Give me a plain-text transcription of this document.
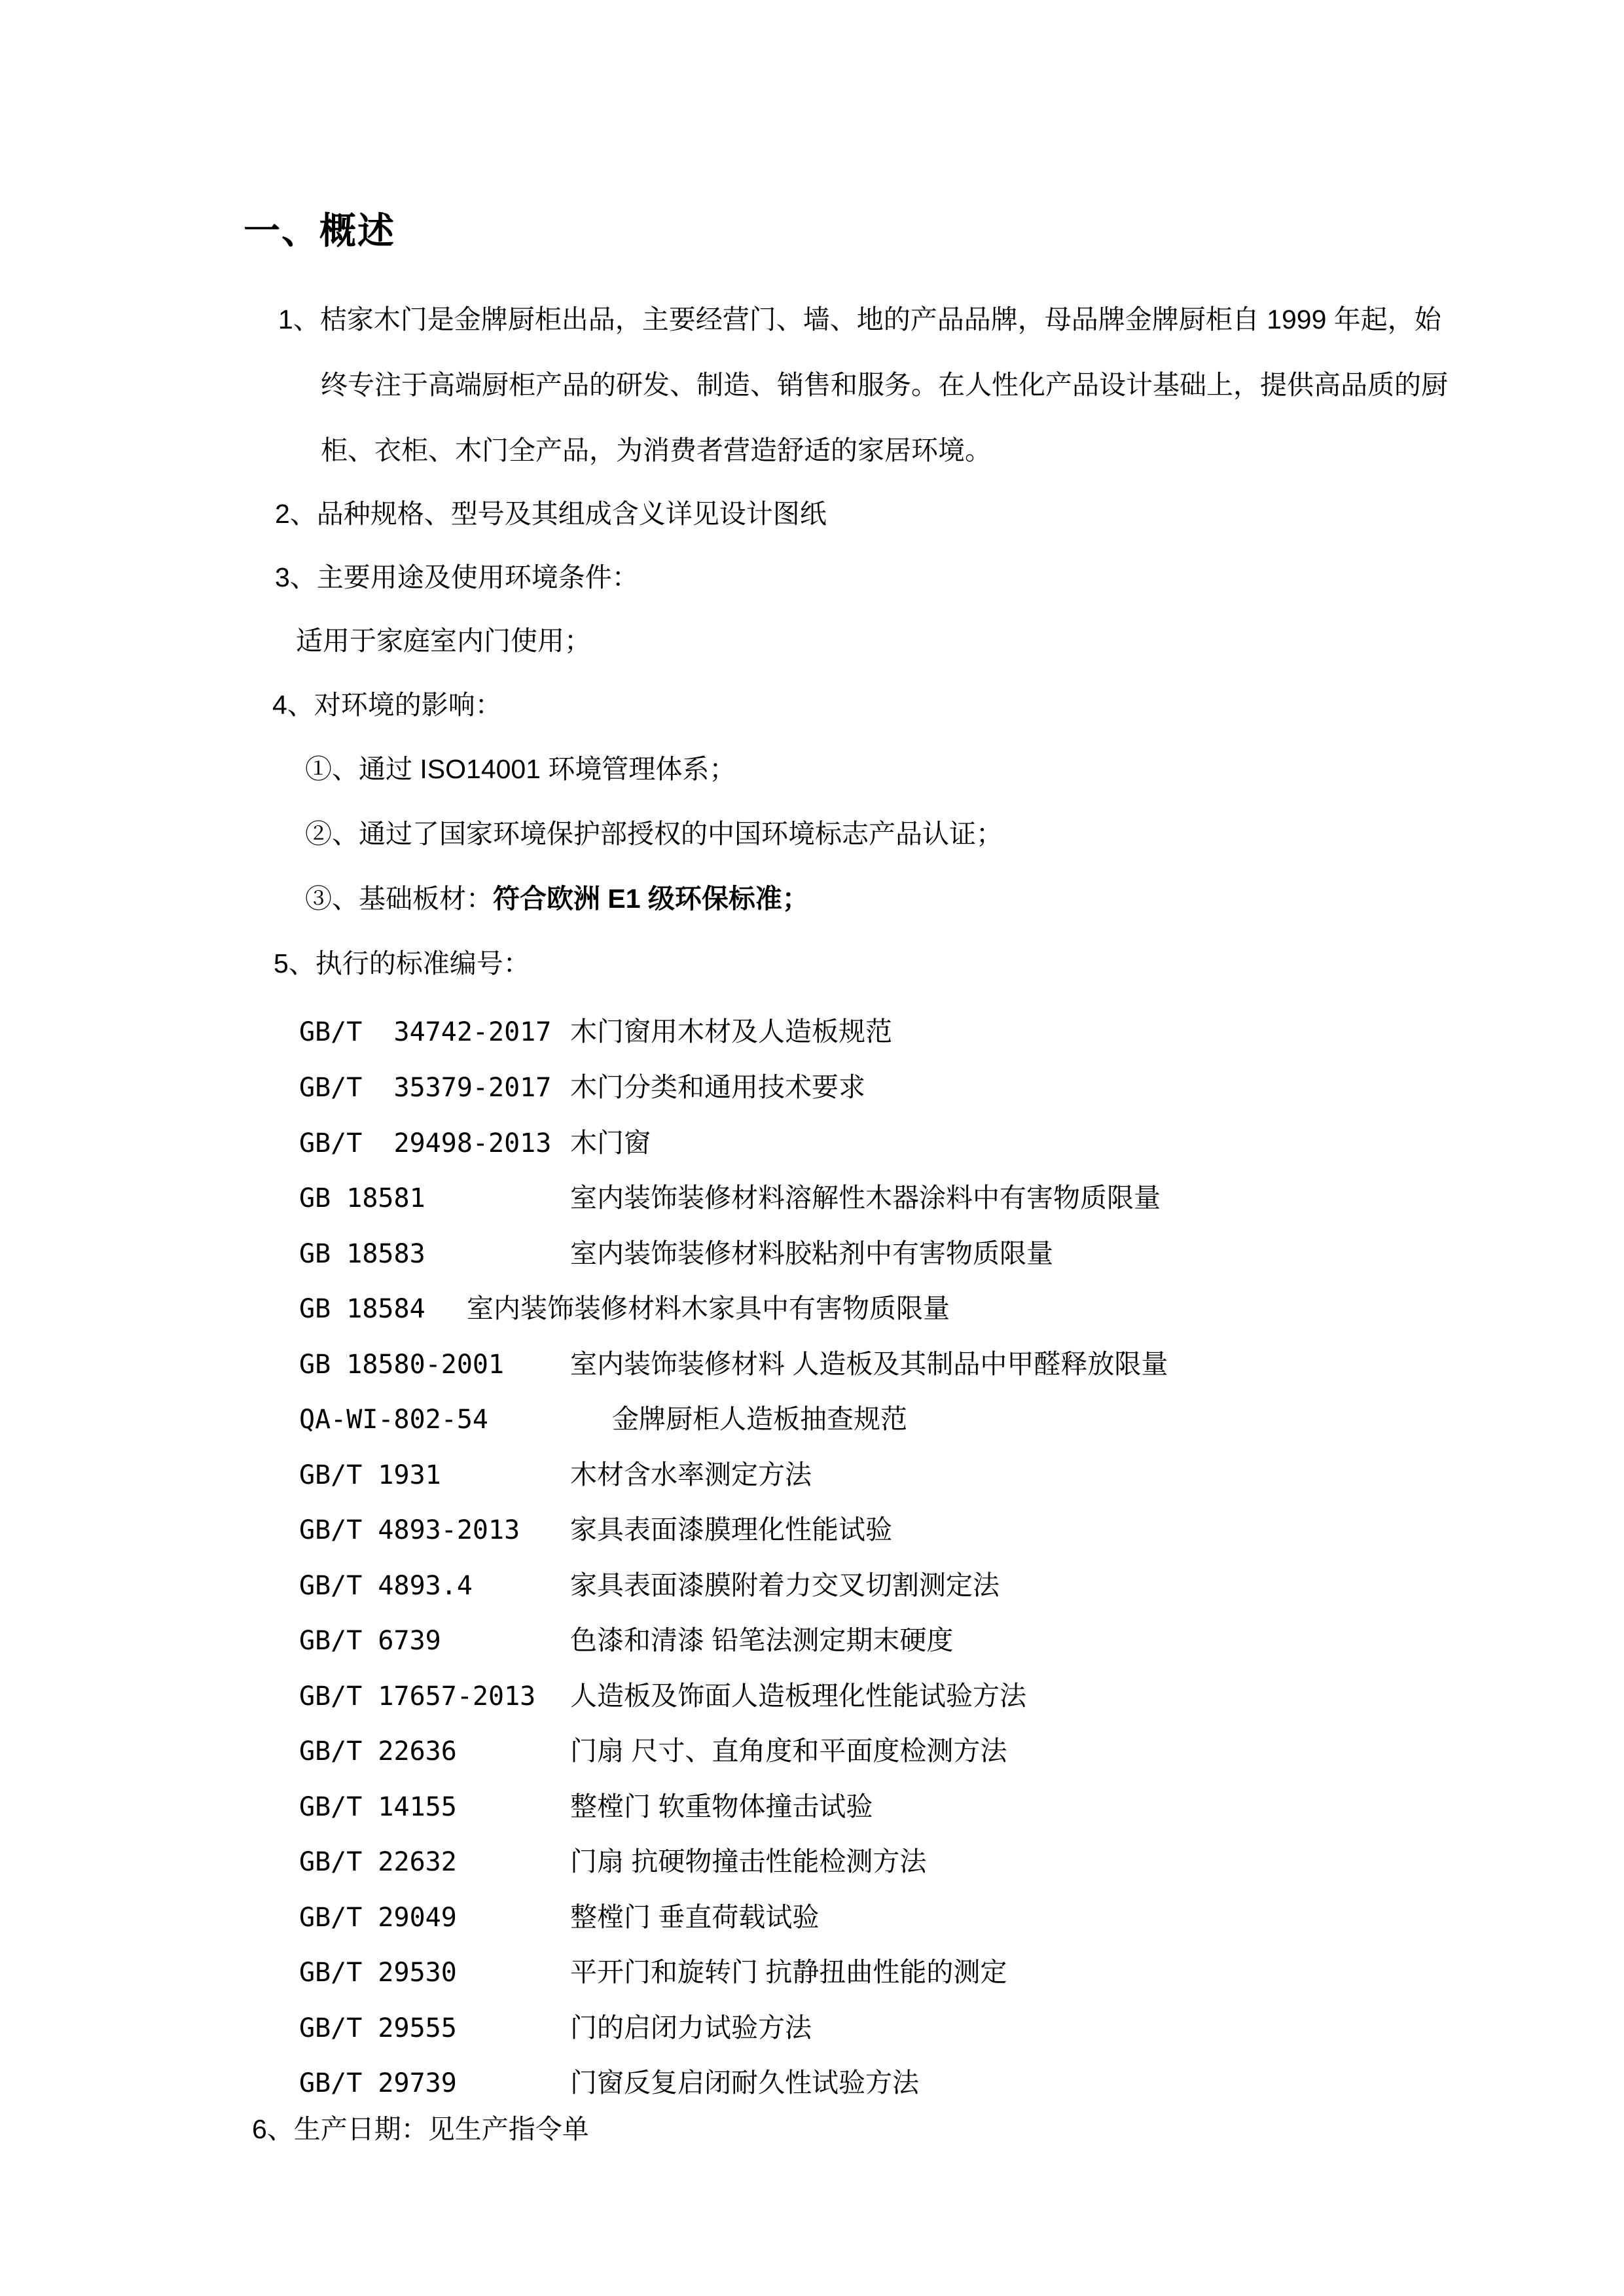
一、概述
1、桔家木门是金牌厨柜出品，主要经营门、墙、地的产品品牌，母品牌金牌厨柜自 1999 年起，始
终专注于高端厨柜产品的研发、制造、销售和服务。在人性化产品设计基础上，提供高品质的厨
柜、衣柜、木门全产品，为消费者营造舒适的家居环境。
2、品种规格、型号及其组成含义详见设计图纸
3、主要用途及使用环境条件：
适用于家庭室内门使用；
4、对环境的影响：
①、通过 ISO14001 环境管理体系；
②、通过了国家环境保护部授权的中国环境标志产品认证；
③、基础板材：符合欧洲 E1 级环保标准；
5、执行的标准编号：
GB/T  34742-2017 木门窗用木材及人造板规范
GB/T  35379-2017 木门分类和通用技术要求
GB/T  29498-2013 木门窗
GB 18581	室内装饰装修材料溶解性木器涂料中有害物质限量
GB 18583	室内装饰装修材料胶粘剂中有害物质限量
GB 18584 室内装饰装修材料木家具中有害物质限量
GB 18580-2001 室内装饰装修材料 人造板及其制品中甲醛释放限量
QA-WI-802-54	金牌厨柜人造板抽查规范
GB/T 1931	木材含水率测定方法
GB/T 4893-2013 家具表面漆膜理化性能试验
GB/T 4893.4	家具表面漆膜附着力交叉切割测定法
GB/T 6739	色漆和清漆 铅笔法测定期末硬度
GB/T 17657-2013 人造板及饰面人造板理化性能试验方法
GB/T 22636	门扇 尺寸、直角度和平面度检测方法
GB/T 14155	整樘门 软重物体撞击试验
GB/T 22632	门扇 抗硬物撞击性能检测方法
GB/T 29049	整樘门 垂直荷载试验
GB/T 29530	平开门和旋转门 抗静扭曲性能的测定
GB/T 29555	门的启闭力试验方法
GB/T 29739	门窗反复启闭耐久性试验方法
6、生产日期：见生产指令单
